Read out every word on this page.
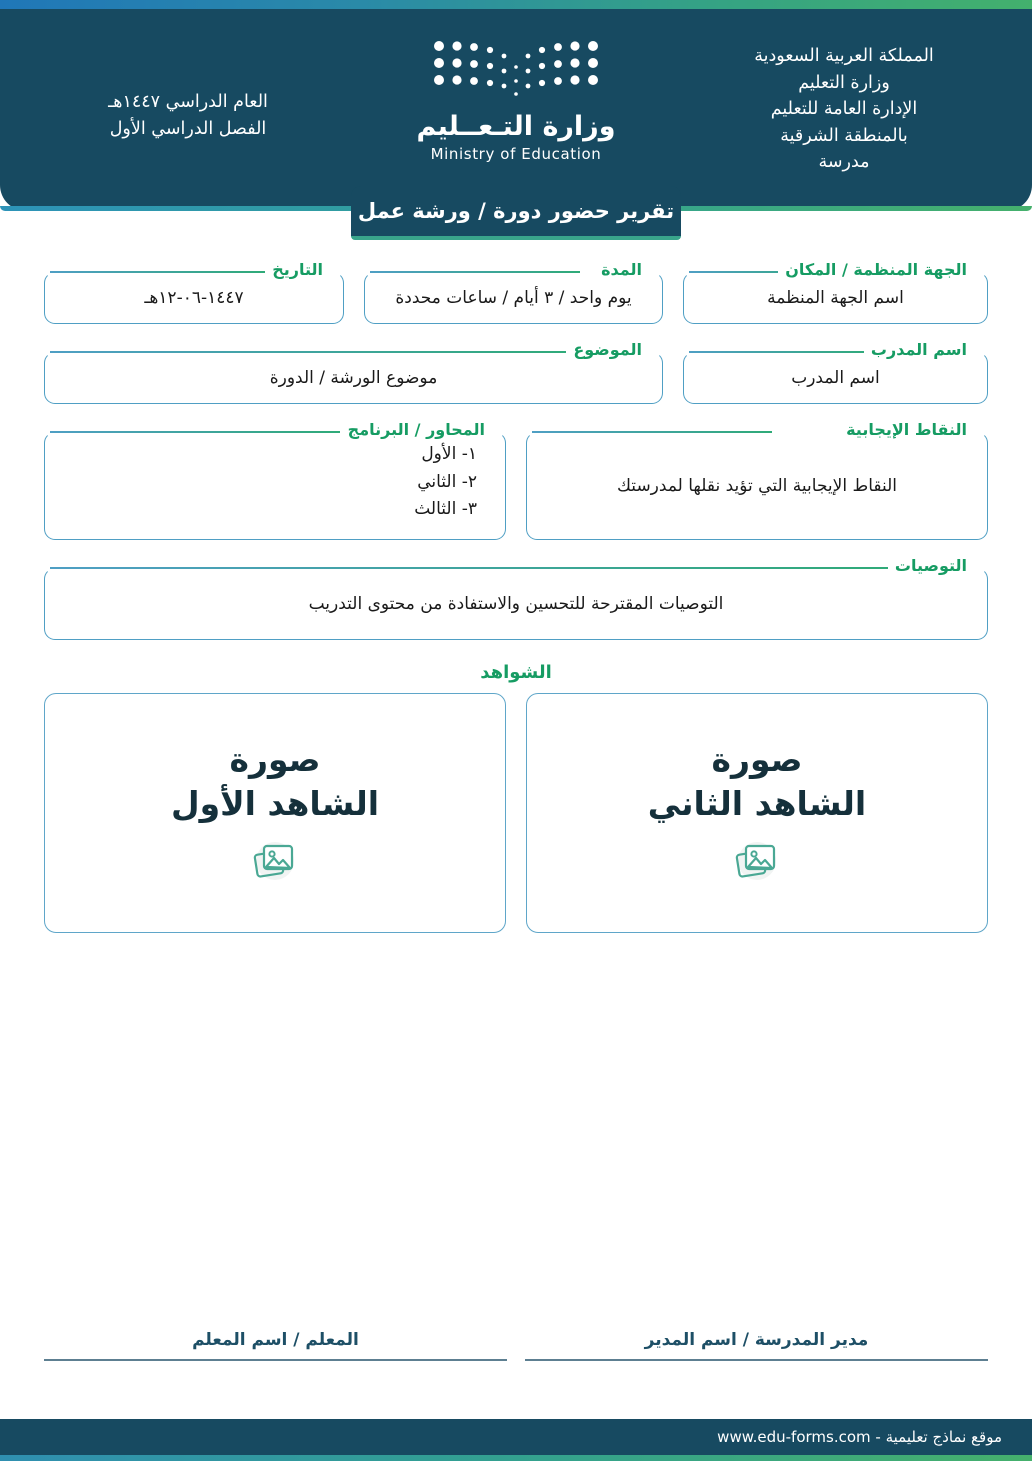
المملكة العربية السعودية
وزارة التعليم
الإدارة العامة للتعليم
بالمنطقة الشرقية
مدرسة
العام الدراسي ١٤٤٧هـ
الفصل الدراسي الأول	وزارة التـعــليم
Ministry of Education
تقرير حضور دورة / ورشة عمل
الجهة المنظمة / المكان
اسم الجهة المنظمة
المدة
يوم واحد / ٣ أيام / ساعات محددة
التاريخ
١٤٤٧-٠٦-١٢هـ
اسم المدرب
اسم المدرب
الموضوع
موضوع الورشة / الدورة
النقاط الإيجابية
النقاط الإيجابية التي تؤيد نقلها لمدرستك
المحاور / البرنامج
١- الأول
٢- الثاني
٣- الثالث
التوصيات
التوصيات المقترحة للتحسين والاستفادة من محتوى التدريب
الشواهد
صورة
الشاهد الثاني
صورة
الشاهد الأول
مدير المدرسة / اسم المدير
المعلم / اسم المعلم
موقع نماذج تعليمية - www.edu-forms.com
